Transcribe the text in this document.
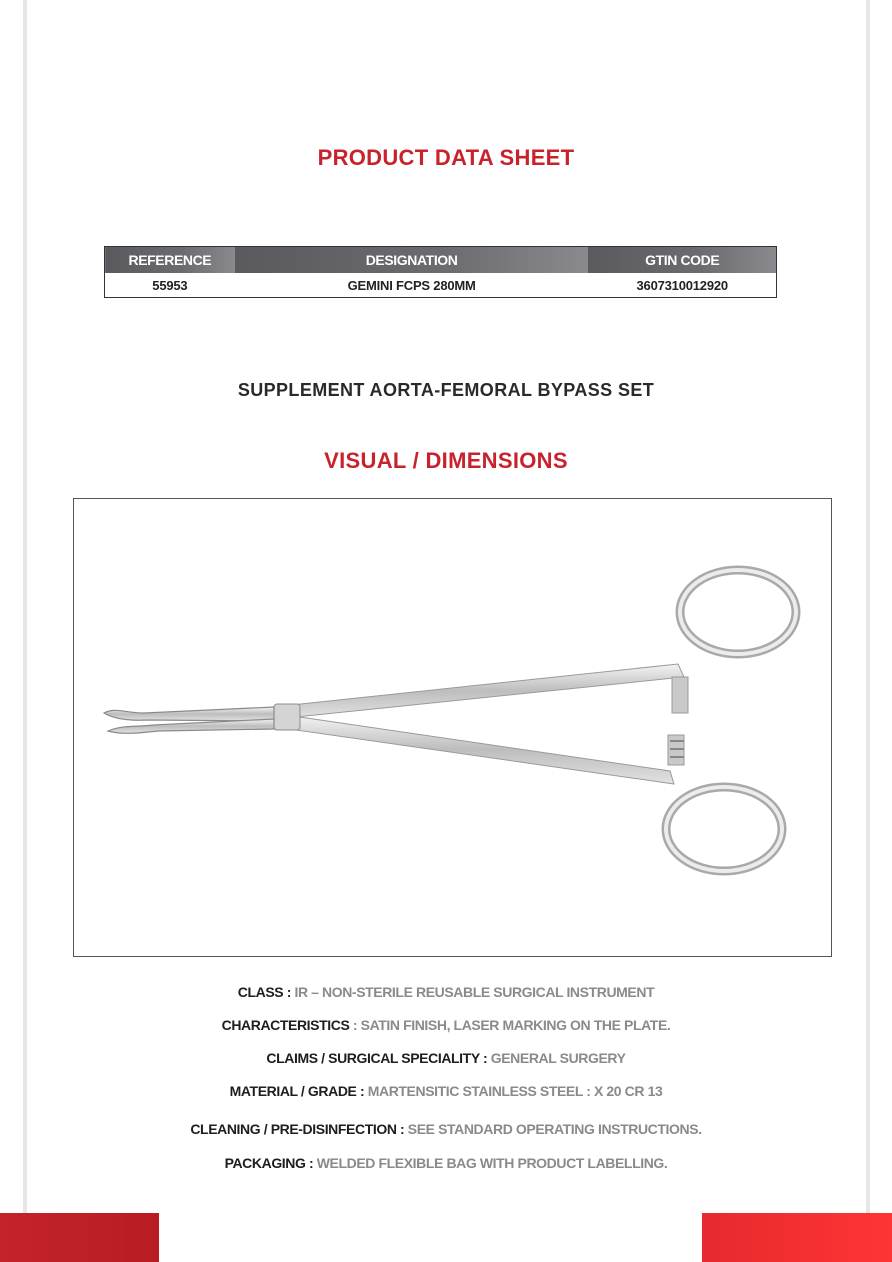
PRODUCT DATA SHEET
REFERENCE	DESIGNATION	GTIN CODE
55953	GEMINI FCPS 280MM	3607310012920
SUPPLEMENT AORTA-FEMORAL BYPASS SET
VISUAL / DIMENSIONS
CLASS : IR – NON-STERILE REUSABLE SURGICAL INSTRUMENT
CHARACTERISTICS : SATIN FINISH, LASER MARKING ON THE PLATE.
CLAIMS / SURGICAL SPECIALITY : GENERAL SURGERY
MATERIAL / GRADE : MARTENSITIC STAINLESS STEEL : X 20 CR 13
CLEANING / PRE-DISINFECTION : SEE STANDARD OPERATING INSTRUCTIONS.
PACKAGING : WELDED FLEXIBLE BAG WITH PRODUCT LABELLING.
